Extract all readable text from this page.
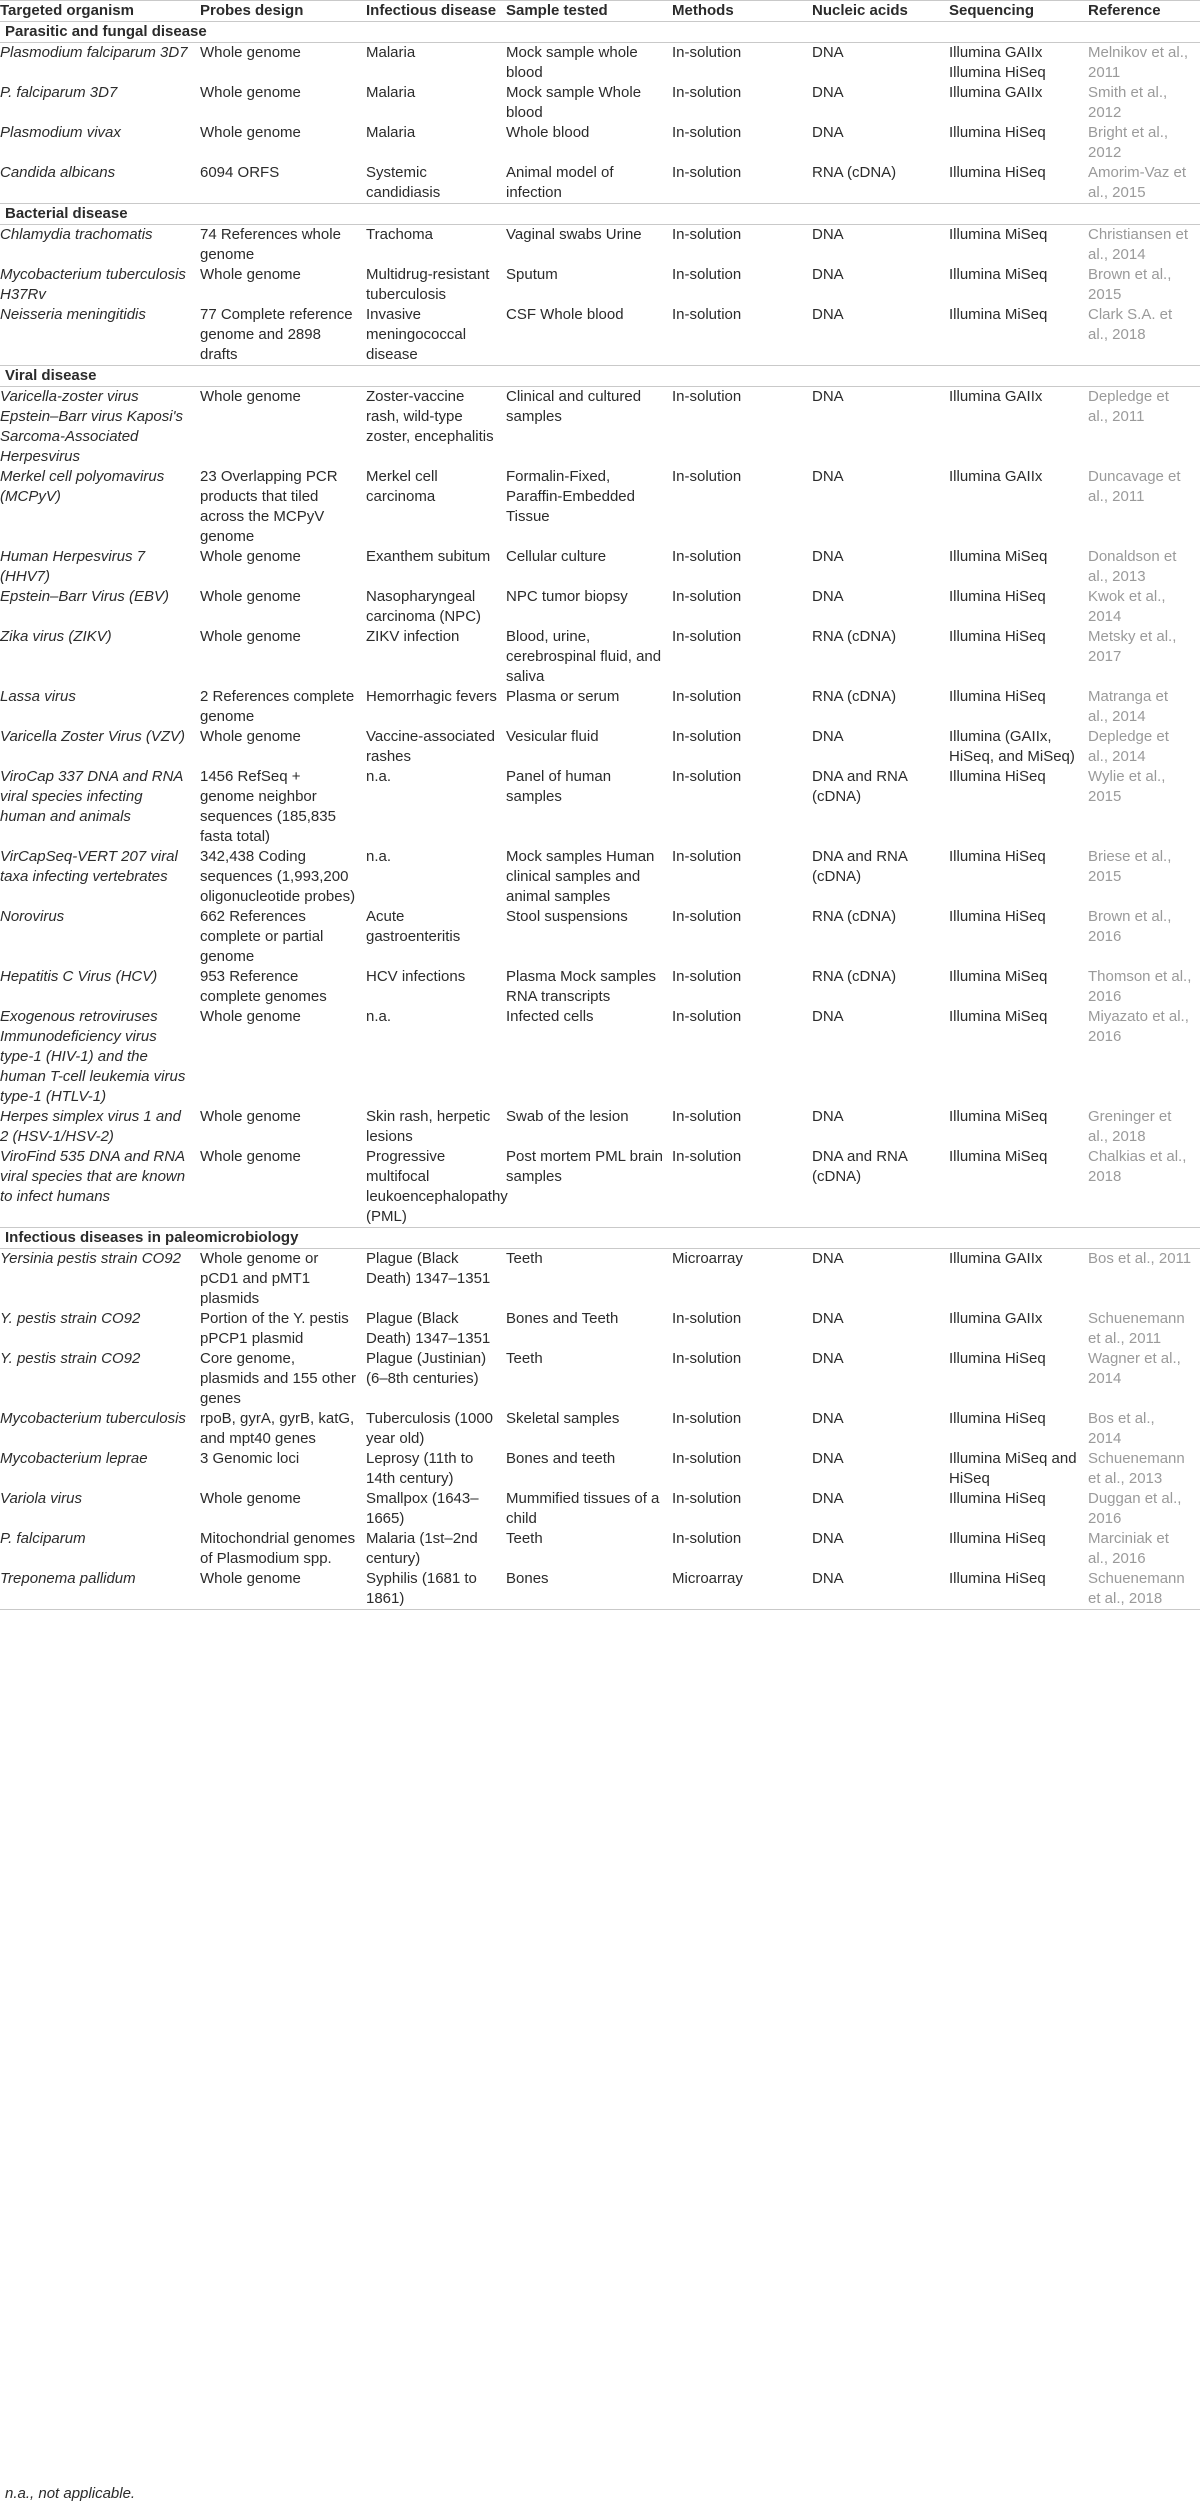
Targeted organism	Probes design	Infectious disease	Sample tested	Methods	Nucleic acids	Sequencing	Reference
Parasitic and fungal disease							

Plasmodium falciparum 3D7	Whole genome	Malaria	Mock sample whole blood	In-solution	DNA	Illumina GAIIx Illumina HiSeq	Melnikov et al., 2011

P. falciparum 3D7	Whole genome	Malaria	Mock sample Whole blood	In-solution	DNA	Illumina GAIIx	Smith et al., 2012

Plasmodium vivax	Whole genome	Malaria	Whole blood	In-solution	DNA	Illumina HiSeq	Bright et al., 2012

Candida albicans	6094 ORFS	Systemic candidiasis	Animal model of infection	In-solution	RNA (cDNA)	Illumina HiSeq	Amorim-Vaz et al., 2015

Bacterial disease							

Chlamydia trachomatis	74 References whole genome	Trachoma	Vaginal swabs Urine	In-solution	DNA	Illumina MiSeq	Christiansen et al., 2014

Mycobacterium tuberculosis H37Rv	Whole genome	Multidrug-resistant tuberculosis	Sputum	In-solution	DNA	Illumina MiSeq	Brown et al., 2015

Neisseria meningitidis	77 Complete reference genome and 2898 drafts	Invasive meningococcal disease	CSF Whole blood	In-solution	DNA	Illumina MiSeq	Clark S.A. et al., 2018

Viral disease							

Varicella-zoster virus Epstein–Barr virus Kaposi's Sarcoma-Associated Herpesvirus	Whole genome	Zoster-vaccine rash, wild-type zoster, encephalitis	Clinical and cultured samples	In-solution	DNA	Illumina GAIIx	Depledge et al., 2011

Merkel cell polyomavirus (MCPyV)	23 Overlapping PCR products that tiled across the MCPyV genome	Merkel cell carcinoma	Formalin-Fixed, Paraffin-Embedded Tissue	In-solution	DNA	Illumina GAIIx	Duncavage et al., 2011

Human Herpesvirus 7 (HHV7)	Whole genome	Exanthem subitum	Cellular culture	In-solution	DNA	Illumina MiSeq	Donaldson et al., 2013

Epstein–Barr Virus (EBV)	Whole genome	Nasopharyngeal carcinoma (NPC)	NPC tumor biopsy	In-solution	DNA	Illumina HiSeq	Kwok et al., 2014

Zika virus (ZIKV)	Whole genome	ZIKV infection	Blood, urine, cerebrospinal fluid, and saliva	In-solution	RNA (cDNA)	Illumina HiSeq	Metsky et al., 2017

Lassa virus	2 References complete genome	Hemorrhagic fevers	Plasma or serum	In-solution	RNA (cDNA)	Illumina HiSeq	Matranga et al., 2014

Varicella Zoster Virus (VZV)	Whole genome	Vaccine-associated rashes	Vesicular fluid	In-solution	DNA	Illumina (GAIIx, HiSeq, and MiSeq)	Depledge et al., 2014

ViroCap 337 DNA and RNA viral species infecting human and animals	1456 RefSeq + genome neighbor sequences (185,835 fasta total)	n.a.	Panel of human samples	In-solution	DNA and RNA (cDNA)	Illumina HiSeq	Wylie et al., 2015

VirCapSeq-VERT 207 viral taxa infecting vertebrates	342,438 Coding sequences (1,993,200 oligonucleotide probes)	n.a.	Mock samples Human clinical samples and animal samples	In-solution	DNA and RNA (cDNA)	Illumina HiSeq	Briese et al., 2015

Norovirus	662 References complete or partial genome	Acute gastroenteritis	Stool suspensions	In-solution	RNA (cDNA)	Illumina HiSeq	Brown et al., 2016

Hepatitis C Virus (HCV)	953 Reference complete genomes	HCV infections	Plasma Mock samples RNA transcripts	In-solution	RNA (cDNA)	Illumina MiSeq	Thomson et al., 2016

Exogenous retroviruses Immunodeficiency virus type-1 (HIV-1) and the human T-cell leukemia virus type-1 (HTLV-1)	Whole genome	n.a.	Infected cells	In-solution	DNA	Illumina MiSeq	Miyazato et al., 2016

Herpes simplex virus 1 and 2 (HSV-1/HSV-2)	Whole genome	Skin rash, herpetic lesions	Swab of the lesion	In-solution	DNA	Illumina MiSeq	Greninger et al., 2018

ViroFind 535 DNA and RNA viral species that are known to infect humans	Whole genome	Progressive multifocal leukoencephalopathy (PML)	Post mortem PML brain samples	In-solution	DNA and RNA (cDNA)	Illumina MiSeq	Chalkias et al., 2018

Infectious diseases in paleomicrobiology							

Yersinia pestis strain CO92	Whole genome or pCD1 and pMT1 plasmids	Plague (Black Death) 1347–1351	Teeth	Microarray	DNA	Illumina GAIIx	Bos et al., 2011

Y. pestis strain CO92	Portion of the Y. pestis pPCP1 plasmid	Plague (Black Death) 1347–1351	Bones and Teeth	In-solution	DNA	Illumina GAIIx	Schuenemann et al., 2011

Y. pestis strain CO92	Core genome, plasmids and 155 other genes	Plague (Justinian) (6–8th centuries)	Teeth	In-solution	DNA	Illumina HiSeq	Wagner et al., 2014

Mycobacterium tuberculosis	rpoB, gyrA, gyrB, katG, and mpt40 genes	Tuberculosis (1000 year old)	Skeletal samples	In-solution	DNA	Illumina HiSeq	Bos et al., 2014

Mycobacterium leprae	3 Genomic loci	Leprosy (11th to 14th century)	Bones and teeth	In-solution	DNA	Illumina MiSeq and HiSeq	Schuenemann et al., 2013

Variola virus	Whole genome	Smallpox (1643–1665)	Mummified tissues of a child	In-solution	DNA	Illumina HiSeq	Duggan et al., 2016

P. falciparum	Mitochondrial genomes of Plasmodium spp.	Malaria (1st–2nd century)	Teeth	In-solution	DNA	Illumina HiSeq	Marciniak et al., 2016

Treponema pallidum	Whole genome	Syphilis (1681 to 1861)	Bones	Microarray	DNA	Illumina HiSeq	Schuenemann et al., 2018
n.a., not applicable.
